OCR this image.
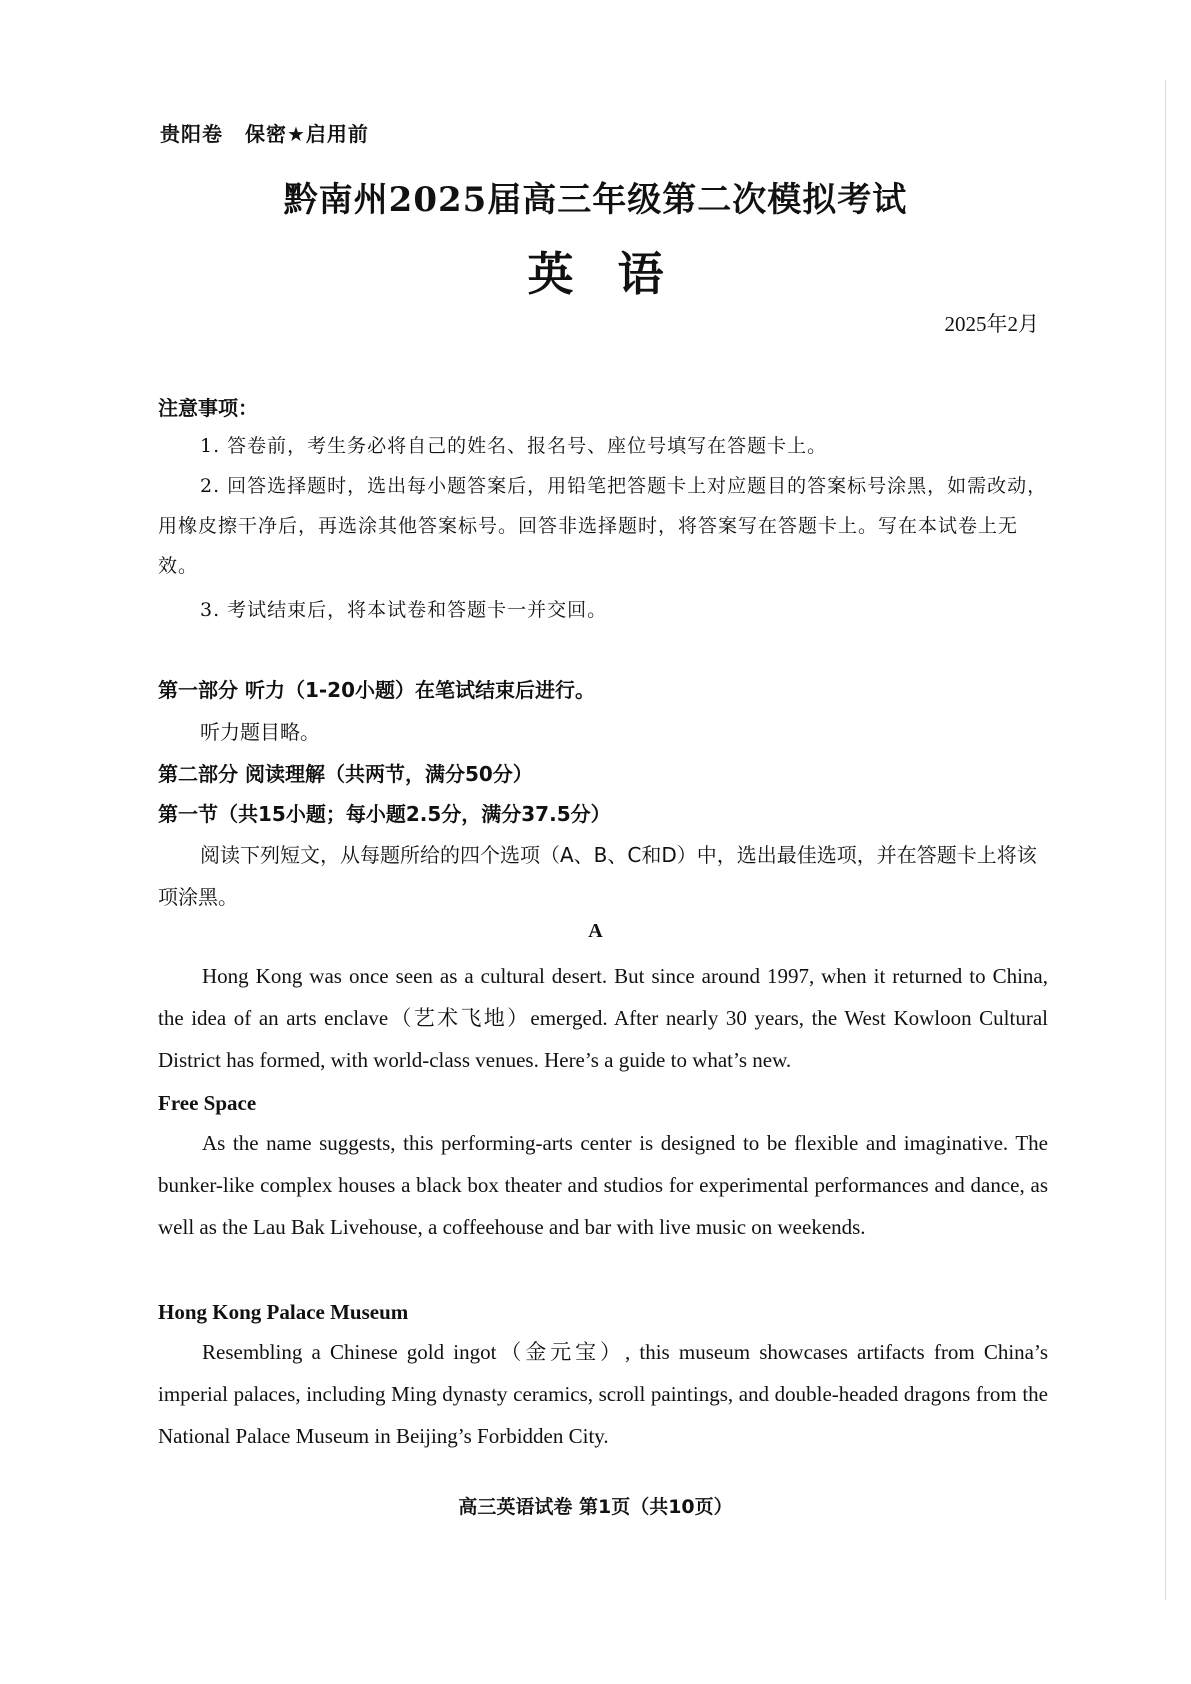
贵阳卷 保密★启用前
黔南州2025届高三年级第二次模拟考试
英语
2025年2月
注意事项：
1. 答卷前，考生务必将自己的姓名、报名号、座位号填写在答题卡上。
2. 回答选择题时，选出每小题答案后，用铅笔把答题卡上对应题目的答案标号涂黑，如需改动，用橡皮擦干净后，再选涂其他答案标号。回答非选择题时，将答案写在答题卡上。写在本试卷上无效。
3. 考试结束后，将本试卷和答题卡一并交回。
第一部分 听力（1-20小题）在笔试结束后进行。
听力题目略。
第二部分 阅读理解（共两节，满分50分）
第一节（共15小题；每小题2.5分，满分37.5分）
阅读下列短文，从每题所给的四个选项（A、B、C和D）中，选出最佳选项，并在答题卡上将该项涂黑。
A
Hong Kong was once seen as a cultural desert. But since around 1997, when it returned to China, the idea of an arts enclave（艺术飞地）emerged. After nearly 30 years, the West Kowloon Cultural District has formed, with world-class venues. Here’s a guide to what’s new.
Free Space
As the name suggests, this performing-arts center is designed to be flexible and imaginative. The bunker-like complex houses a black box theater and studios for experimental performances and dance, as well as the Lau Bak Livehouse, a coffeehouse and bar with live music on weekends.
Hong Kong Palace Museum
Resembling a Chinese gold ingot（金元宝）, this museum showcases artifacts from China’s imperial palaces, including Ming dynasty ceramics, scroll paintings, and double-headed dragons from the National Palace Museum in Beijing’s Forbidden City.
高三英语试卷 第1页（共10页）
